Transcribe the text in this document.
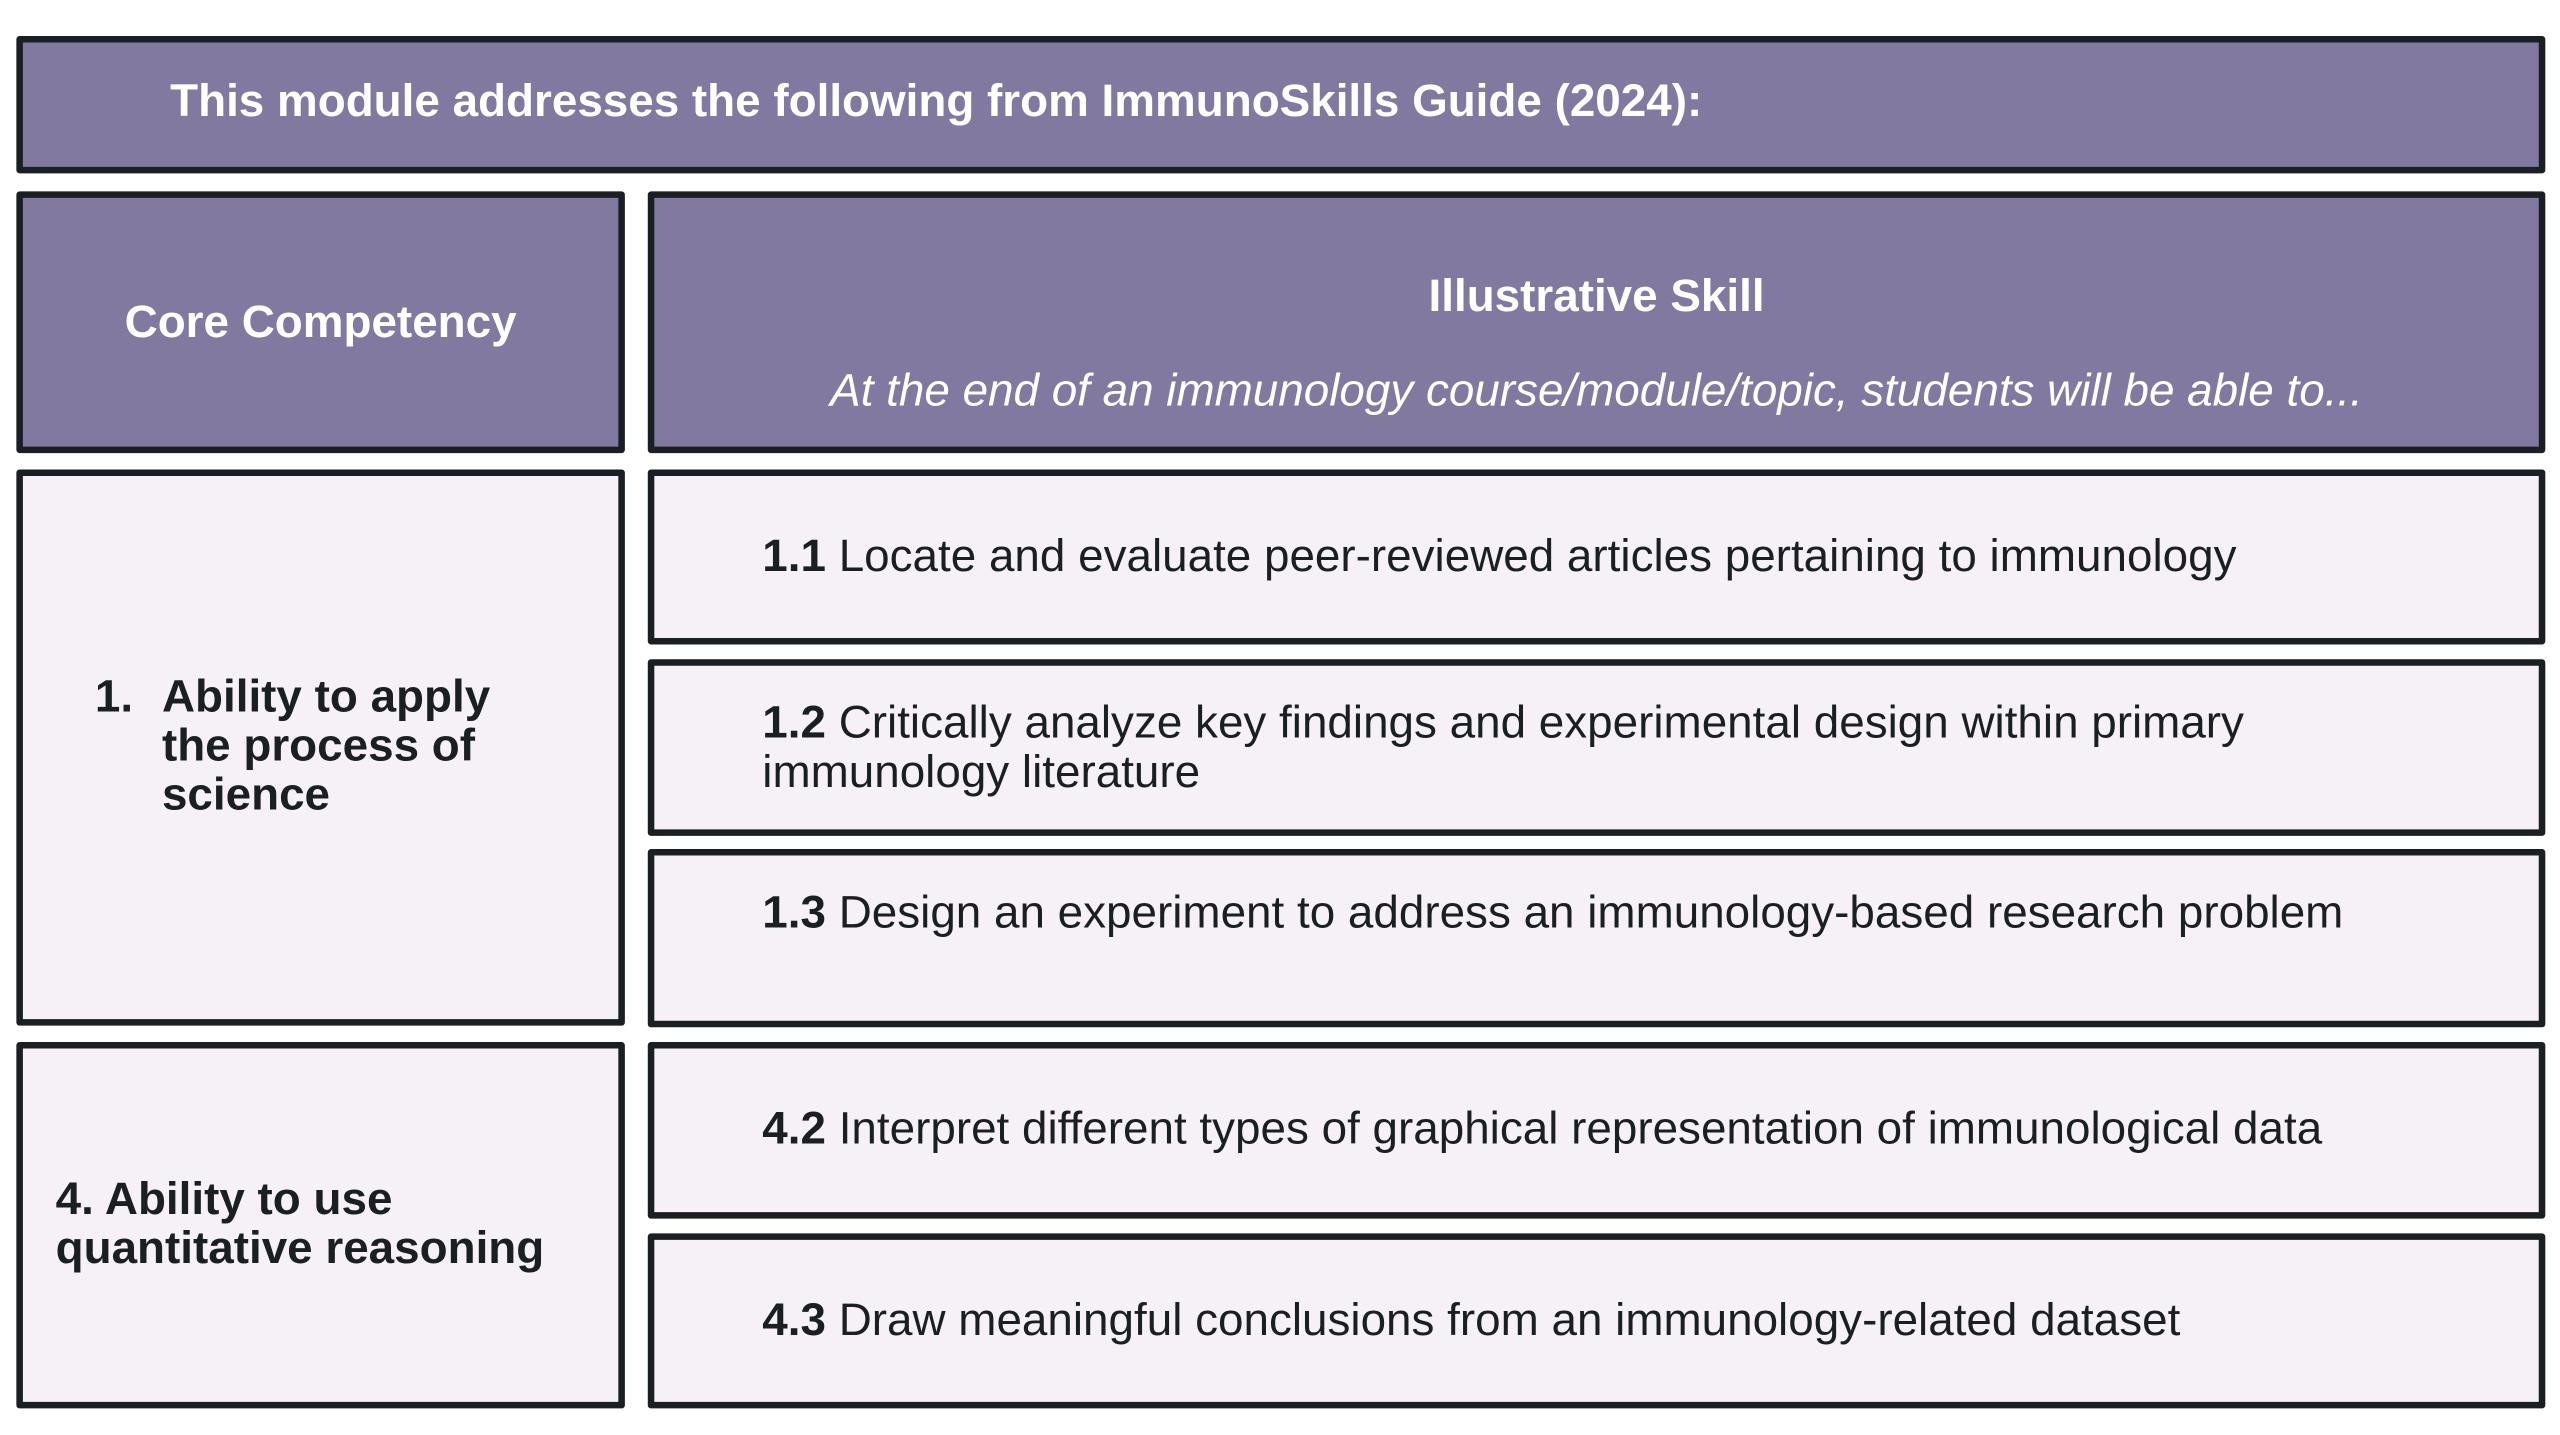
This module addresses the following from ImmunoSkills Guide (2024):
Core Competency
Illustrative Skill
At the end of an immunology course/module/topic, students will be able to...
1. Ability to apply the process of science
4. Ability to use quantitative reasoning
1.1 Locate and evaluate peer-reviewed articles pertaining to immunology
1.2 Critically analyze key findings and experimental design within primary immunology literature
1.3 Design an experiment to address an immunology-based research problem
4.2 Interpret different types of graphical representation of immunological data
4.3 Draw meaningful conclusions from an immunology-related dataset
